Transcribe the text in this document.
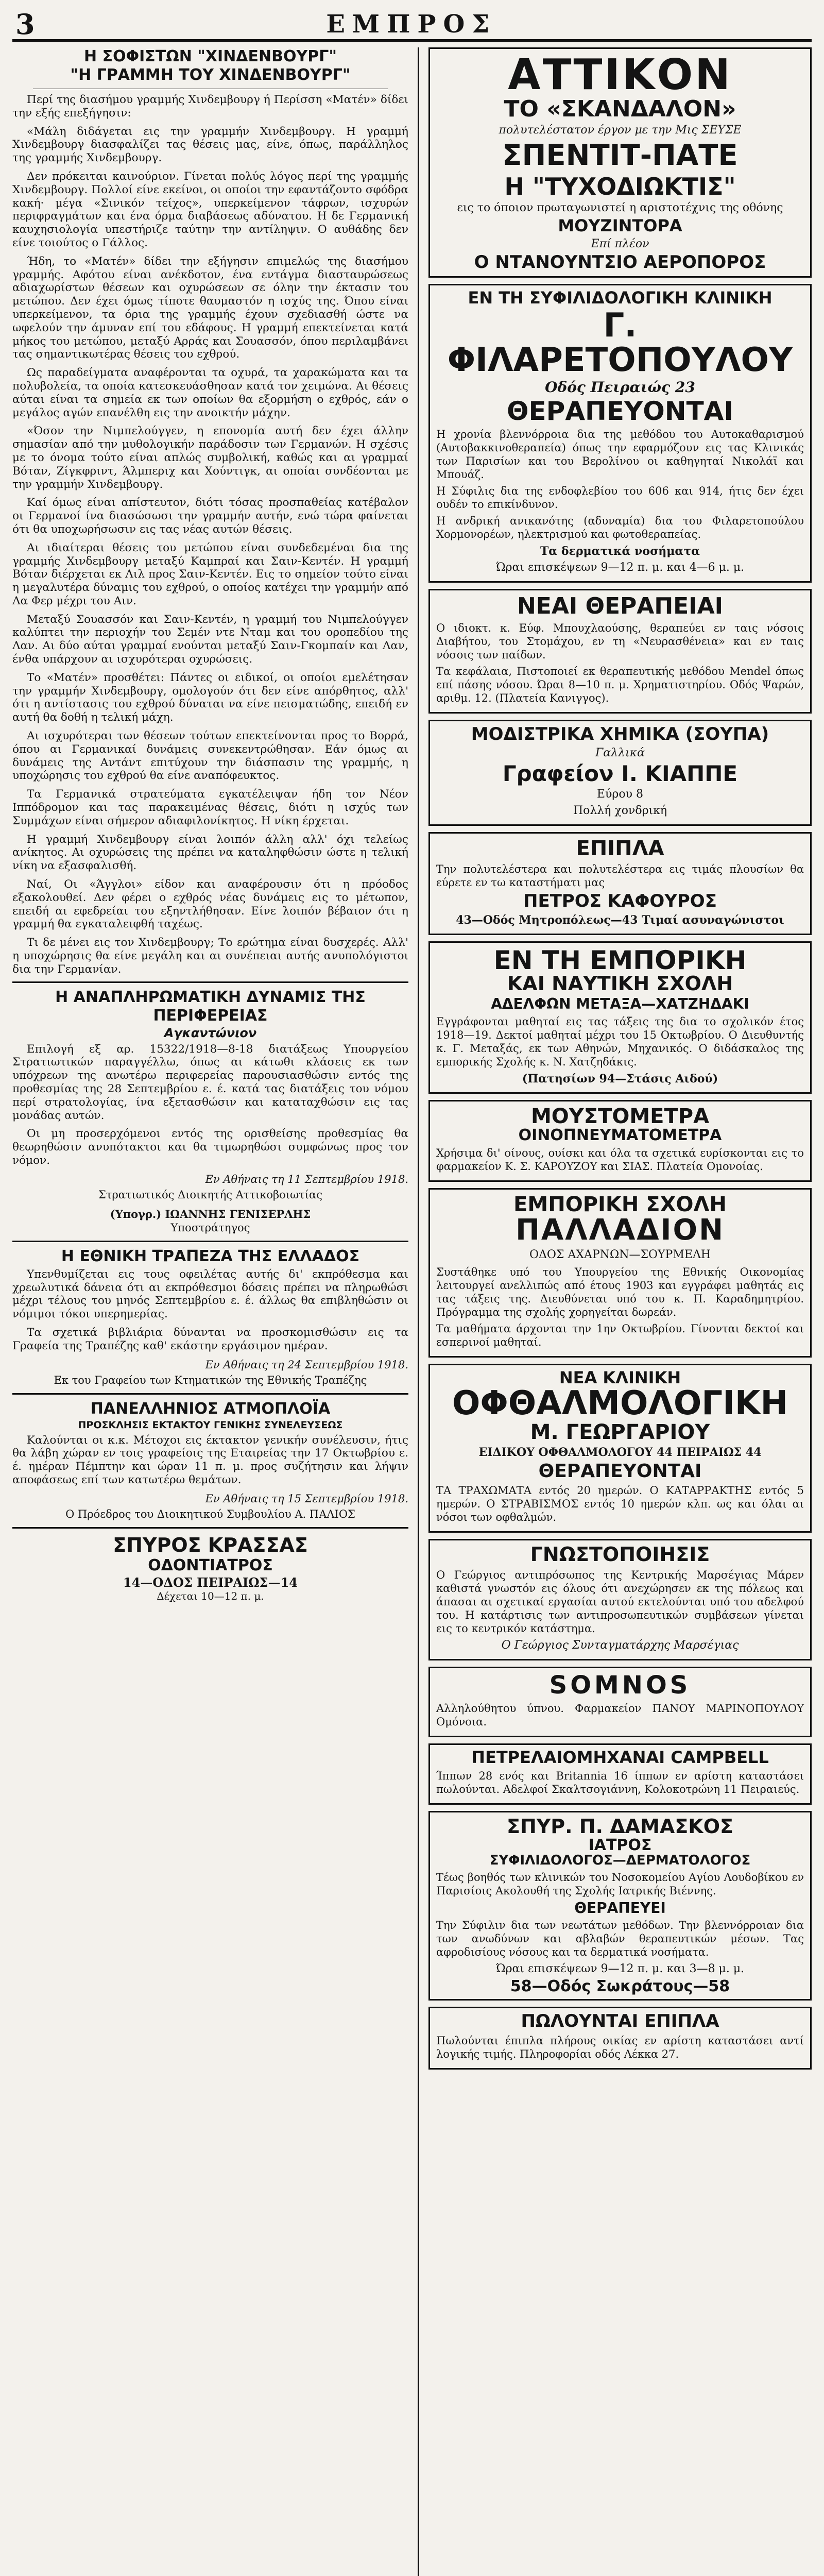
3	ΕΜΠΡΟΣ
Η ΣΟΦΙΣΤΩΝ "ΧΙΝΔΕΝΒΟΥΡΓ"
"Η ΓΡΑΜΜΗ ΤΟΥ ΧΙΝΔΕΝΒΟΥΡΓ"

Περί της διασήμου γραμμής Χινδεμβουργ ή Περίσση «Ματέν» δίδει την εξής επεξήγησιν:

«Μάλη διδάγεται εις την γραμμήν Χινδεμβουργ. Η γραμμή Χινδεμβουργ διασφαλίζει τας θέσεις μας, είνε, όπως, παράλληλος της γραμμής Χινδεμβουργ.

Δεν πρόκειται καινούριον. Γίνεται πολύς λόγος περί της γραμμής Χινδεμβουργ. Πολλοί είνε εκείνοι, οι οποίοι την εφαντάζοντο σφόδρα κακή· μέγα «Σινικόν τείχος», υπερκείμενον τάφρων, ισχυρών περιφραγμάτων και ένα όρμα διαβάσεως αδύνατου. Η δε Γερμανική καυχησιολογία υπεστήριζε ταύτην την αντίληψιν. Ο αυθάδης δεν είνε τοιούτος ο Γάλλος.

Ήδη, το «Ματέν» δίδει την εξήγησιν επιμελώς της διασήμου γραμμής. Αφότου είναι ανέκδοτον, ένα εντάγμα διασταυρώσεως αδιαχωρίστων θέσεων και οχυρώσεων σε όλην την έκτασιν του μετώπου. Δεν έχει όμως τίποτε θαυμαστόν η ισχύς της. Όπου είναι υπερκείμενον, τα όρια της γραμμής έχουν σχεδιασθή ώστε να ωφελούν την άμυναν επί του εδάφους. Η γραμμή επεκτείνεται κατά μήκος του μετώπου, μεταξύ Αρράς και Σουασσόν, όπου περιλαμβάνει τας σημαντικωτέρας θέσεις του εχθρού.

Ως παραδείγματα αναφέρονται τα οχυρά, τα χαρακώματα και τα πολυβολεία, τα οποία κατεσκευάσθησαν κατά τον χειμώνα. Αι θέσεις αύται είναι τα σημεία εκ των οποίων θα εξορμήση ο εχθρός, εάν ο μεγάλος αγών επανέλθη εις την ανοικτήν μάχην.

«Όσον την Νιμπελούγγεν, η επονομία αυτή δεν έχει άλλην σημασίαν από την μυθολογικήν παράδοσιν των Γερμανών. Η σχέσις με το όνομα τούτο είναι απλώς συμβολική, καθώς και αι γραμμαί Βόταν, Ζίγκφριντ, Άλμπεριχ και Χούντιγκ, αι οποίαι συνδέονται με την γραμμήν Χινδεμβουργ.

Καί όμως είναι απίστευτον, διότι τόσας προσπαθείας κατέβαλον οι Γερμανοί ίνα διασώσωσι την γραμμήν αυτήν, ενώ τώρα φαίνεται ότι θα υποχωρήσωσιν εις τας νέας αυτών θέσεις.

Αι ιδιαίτεραι θέσεις του μετώπου είναι συνδεδεμέναι δια της γραμμής Χινδεμβουργ μεταξύ Καμπραί και Σαιν-Κεντέν. Η γραμμή Βόταν διέρχεται εκ Λιλ προς Σαιν-Κεντέν. Εις το σημείον τούτο είναι η μεγαλυτέρα δύναμις του εχθρού, ο οποίος κατέχει την γραμμήν από Λα Φερ μέχρι του Αιν.

Μεταξύ Σουασσόν και Σαιν-Κεντέν, η γραμμή του Νιμπελούγγεν καλύπτει την περιοχήν του Σεμέν ντε Νταμ και του οροπεδίου της Λαν. Αι δύο αύται γραμμαί ενούνται μεταξύ Σαιν-Γκομπαίν και Λαν, ένθα υπάρχουν αι ισχυρότεραι οχυρώσεις.

Το «Ματέν» προσθέτει: Πάντες οι ειδικοί, οι οποίοι εμελέτησαν την γραμμήν Χινδεμβουργ, ομολογούν ότι δεν είνε απόρθητος, αλλ' ότι η αντίστασις του εχθρού δύναται να είνε πεισματώδης, επειδή εν αυτή θα δοθή η τελική μάχη.

Αι ισχυρότεραι των θέσεων τούτων επεκτείνονται προς το Βορρά, όπου αι Γερμανικαί δυνάμεις συνεκεντρώθησαν. Εάν όμως αι δυνάμεις της Αντάντ επιτύχουν την διάσπασιν της γραμμής, η υποχώρησις του εχθρού θα είνε αναπόφευκτος.

Τα Γερμανικά στρατεύματα εγκατέλειψαν ήδη τον Νέον Ιππόδρομον και τας παρακειμένας θέσεις, διότι η ισχύς των Συμμάχων είναι σήμερον αδιαφιλονίκητος. Η νίκη έρχεται.

Η γραμμή Χινδεμβουργ είναι λοιπόν άλλη αλλ' όχι τελείως ανίκητος. Αι οχυρώσεις της πρέπει να καταληφθώσιν ώστε η τελική νίκη να εξασφαλισθή.

Ναί, Οι «Άγγλοι» είδον και αναφέρουσιν ότι η πρόοδος εξακολουθεί. Δεν φέρει ο εχθρός νέας δυνάμεις εις το μέτωπον, επειδή αι εφεδρείαι του εξηντλήθησαν. Είνε λοιπόν βέβαιον ότι η γραμμή θα εγκαταλειφθή ταχέως.

Τι δε μένει εις τον Χινδεμβουργ; Το ερώτημα είναι δυσχερές. Αλλ' η υποχώρησις θα είνε μεγάλη και αι συνέπειαι αυτής ανυπολόγιστοι δια την Γερμανίαν.

Η ΑΝΑΠΛΗΡΩΜΑΤΙΚΗ ΔΥΝΑΜΙΣ ΤΗΣ ΠΕΡΙΦΕΡΕΙΑΣ
Αγκαντώνιον

Επιλογή εξ αρ. 15322/1918—8-18 διατάξεως Υπουργείου Στρατιωτικών παραγγέλλω, όπως αι κάτωθι κλάσεις εκ των υπόχρεων της ανωτέρω περιφερείας παρουσιασθώσιν εντός της προθεσμίας της 28 Σεπτεμβρίου ε. έ. κατά τας διατάξεις του νόμου περί στρατολογίας, ίνα εξετασθώσιν και καταταχθώσιν εις τας μονάδας αυτών.

Οι μη προσερχόμενοι εντός της ορισθείσης προθεσμίας θα θεωρηθώσιν ανυπότακτοι και θα τιμωρηθώσι συμφώνως προς τον νόμον.

Εν Αθήναις τη 11 Σεπτεμβρίου 1918.

Στρατιωτικός Διοικητής Αττικοβοιωτίας

(Υπογρ.) ΙΩΑΝΝΗΣ ΓΕΝΙΣΕΡΛΗΣ

Υποστράτηγος

Η ΕΘΝΙΚΗ ΤΡΑΠΕΖΑ ΤΗΣ ΕΛΛΑΔΟΣ

Υπενθυμίζεται εις τους οφειλέτας αυτής δι' εκπρόθεσμα και χρεωλυτικά δάνεια ότι αι εκπρόθεσμοι δόσεις πρέπει να πληρωθώσι μέχρι τέλους του μηνός Σεπτεμβρίου ε. έ. άλλως θα επιβληθώσιν οι νόμιμοι τόκοι υπερημερίας.

Τα σχετικά βιβλιάρια δύνανται να προσκομισθώσιν εις τα Γραφεία της Τραπέζης καθ' εκάστην εργάσιμον ημέραν.

Εν Αθήναις τη 24 Σεπτεμβρίου 1918.

Εκ του Γραφείου των Κτηματικών της Εθνικής Τραπέζης

ΠΑΝΕΛΛΗΝΙΟΣ ΑΤΜΟΠΛΟΪΑ
ΠΡΟΣΚΛΗΣΙΣ ΕΚΤΑΚΤΟΥ ΓΕΝΙΚΗΣ ΣΥΝΕΛΕΥΣΕΩΣ

Καλούνται οι κ.κ. Μέτοχοι εις έκτακτον γενικήν συνέλευσιν, ήτις θα λάβη χώραν εν τοις γραφείοις της Εταιρείας την 17 Οκτωβρίου ε. έ. ημέραν Πέμπτην και ώραν 11 π. μ. προς συζήτησιν και λήψιν αποφάσεως επί των κατωτέρω θεμάτων.

Εν Αθήναις τη 15 Σεπτεμβρίου 1918.

Ο Πρόεδρος του Διοικητικού Συμβουλίου Α. ΠΑΛΙΟΣ

ΣΠΥΡΟΣ ΚΡΑΣΣΑΣ
ΟΔΟΝΤΙΑΤΡΟΣ
14—ΟΔΟΣ ΠΕΙΡΑΙΩΣ—14
Δέχεται 10—12 π. μ.
ΑΤΤΙΚΟΝ
ΤΟ «ΣΚΑΝΔΑΛΟΝ»
πολυτελέστατον έργον με την Μις ΣΕΥΣΕ
ΣΠΕΝΤΙΤ-ΠΑΤΕ
Η "ΤΥΧΟΔΙΩΚΤΙΣ"
εις το όποιον πρωταγωνιστεί η αριστοτέχνις της οθόνης
ΜΟΥΖΙΝΤΟΡΑ
Επί πλέον
Ο ΝΤΑΝΟΥΝΤΣΙΟ ΑΕΡΟΠΟΡΟΣ
ΕΝ ΤΗ ΣΥΦΙΛΙΔΟΛΟΓΙΚΗ ΚΛΙΝΙΚΗ
Γ. ΦΙΛΑΡΕΤΟΠΟΥΛΟΥ
Οδός Πειραιώς 23
ΘΕΡΑΠΕΥΟΝΤΑΙ
Η χρονία βλεννόρροια δια της μεθόδου του Αυτοκαθαρισμού (Αυτοβακκινοθεραπεία) όπως την εφαρμόζουν εις τας Κλινικάς των Παρισίων και του Βερολίνου οι καθηγηταί Νικολάϊ και Μπουάζ.
Η Σύφιλις δια της ενδοφλεβίου του 606 και 914, ήτις δεν έχει ουδέν το επικίνδυνον.
Η ανδρική ανικανότης (αδυναμία) δια του Φιλαρετοπούλου Χορμονορέων, ηλεκτρισμού και φωτοθεραπείας.
Τα δερματικά νοσήματα
Ώραι επισκέψεων 9—12 π. μ. και 4—6 μ. μ.
ΝΕΑΙ ΘΕΡΑΠΕΙΑΙ
Ο ιδιοκτ. κ. Εύφ. Μπουχλαούσης, θεραπεύει εν ταις νόσοις Διαβήτου, του Στομάχου, εν τη «Νευρασθένεια» και εν ταις νόσοις των παίδων.
Τα κεφάλαια, Πιστοποιεί εκ θεραπευτικής μεθόδου Mendel όπως επί πάσης νόσου. Ώραι 8—10 π. μ. Χρηματιστηρίου. Οδός Ψαρών, αριθμ. 12. (Πλατεία Κανιγγος).
ΜΟΔΙΣΤΡΙΚΑ ΧΗΜΙΚΑ (ΣΟΥΠΑ)
Γαλλικά
Γραφείον Ι. ΚΙΑΠΠΕ
Εύρου 8
Πολλή χονδρική
ΕΠΙΠΛΑ
Την πολυτελέστερα και πολυτελέστερα εις τιμάς πλουσίων θα εύρετε εν τω καταστήματι μας
ΠΕΤΡΟΣ ΚΑΦΟΥΡΟΣ
43—Οδός Μητροπόλεως—43 Τιμαί ασυναγώνιστοι
ΕΝ ΤΗ ΕΜΠΟΡΙΚΗ
ΚΑΙ ΝΑΥΤΙΚΗ ΣΧΟΛΗ
ΑΔΕΛΦΩΝ ΜΕΤΑΞΑ—ΧΑΤΖΗΔΑΚΙ
Εγγράφονται μαθηταί εις τας τάξεις της δια το σχολικόν έτος 1918—19. Δεκτοί μαθηταί μέχρι του 15 Οκτωβρίου. Ο Διευθυντής κ. Γ. Μεταξάς, εκ των Αθηνών, Μηχανικός. Ο διδάσκαλος της εμπορικής Σχολής κ. Ν. Χατζηδάκις.
(Πατησίων 94—Στάσις Αιδού)
ΜΟΥΣΤΟΜΕΤΡΑ
ΟΙΝΟΠΝΕΥΜΑΤΟΜΕΤΡΑ
Χρήσιμα δι' οίνους, ουίσκι και όλα τα σχετικά ευρίσκονται εις το φαρμακείον Κ. Σ. ΚΑΡΟΥΖΟΥ και ΣΙΑΣ. Πλατεία Ομονοίας.
ΕΜΠΟΡΙΚΗ ΣΧΟΛΗ
ΠΑΛΛΑΔΙΟΝ
ΟΔΟΣ ΑΧΑΡΝΩΝ—ΣΟΥΡΜΕΛΗ
Συστάθηκε υπό του Υπουργείου της Εθνικής Οικονομίας λειτουργεί ανελλιπώς από έτους 1903 και εγγράφει μαθητάς εις τας τάξεις της. Διευθύνεται υπό του κ. Π. Καραδημητρίου. Πρόγραμμα της σχολής χορηγείται δωρεάν.
Τα μαθήματα άρχονται την 1ην Οκτωβρίου. Γίνονται δεκτοί και εσπερινοί μαθηταί.
ΝΕΑ ΚΛΙΝΙΚΗ
ΟΦΘΑΛΜΟΛΟΓΙΚΗ
Μ. ΓΕΩΡΓΑΡΙΟΥ
ΕΙΔΙΚΟΥ ΟΦΘΑΛΜΟΛΟΓΟΥ 44 ΠΕΙΡΑΙΩΣ 44
ΘΕΡΑΠΕΥΟΝΤΑΙ
ΤΑ ΤΡΑΧΩΜΑΤΑ εντός 20 ημερών. Ο ΚΑΤΑΡΡΑΚΤΗΣ εντός 5 ημερών. Ο ΣΤΡΑΒΙΣΜΟΣ εντός 10 ημερών κλπ. ως και όλαι αι νόσοι των οφθαλμών.
ΓΝΩΣΤΟΠΟΙΗΣΙΣ
Ο Γεώργιος αντιπρόσωπος της Κεντρικής Μαρσέγιας Μάρεν καθιστά γνωστόν εις όλους ότι ανεχώρησεν εκ της πόλεως και άπασαι αι σχετικαί εργασίαι αυτού εκτελούνται υπό του αδελφού του. Η κατάρτισις των αντιπροσωπευτικών συμβάσεων γίνεται εις το κεντρικόν κατάστημα.
Ο Γεώργιος Συνταγματάρχης Μαρσέγιας
SOMNOS
Αλληλούθητου ύπνου. Φαρμακείον ΠΑΝΟΥ ΜΑΡΙΝΟΠΟΥΛΟΥ Ομόνοια.
ΠΕΤΡΕΛΑΙΟΜΗΧΑΝΑΙ CAMPBELL
Ίππων 28 ενός και Britannia 16 ίππων εν αρίστη καταστάσει πωλούνται. Αδελφοί Σκαλτσογιάννη, Κολοκοτρώνη 11 Πειραιεύς.
ΣΠΥΡ. Π. ΔΑΜΑΣΚΟΣ
ΙΑΤΡΟΣ
ΣΥΦΙΛΙΔΟΛΟΓΟΣ—ΔΕΡΜΑΤΟΛΟΓΟΣ
Τέως βοηθός των κλινικών του Νοσοκομείου Αγίου Λουδοβίκου εν Παρισίοις Ακολουθή της Σχολής Ιατρικής Βιέννης.
ΘΕΡΑΠΕΥΕΙ
Την Σύφιλιν δια των νεωτάτων μεθόδων. Την βλεννόρροιαν δια των ανωδύνων και αβλαβών θεραπευτικών μέσων. Τας αφροδισίους νόσους και τα δερματικά νοσήματα.
Ώραι επισκέψεων 9—12 π. μ. και 3—8 μ. μ.
58—Οδός Σωκράτους—58
ΠΩΛΟΥΝΤΑΙ ΕΠΙΠΛΑ
Πωλούνται έπιπλα πλήρους οικίας εν αρίστη καταστάσει αντί λογικής τιμής. Πληροφορίαι οδός Λέκκα 27.
